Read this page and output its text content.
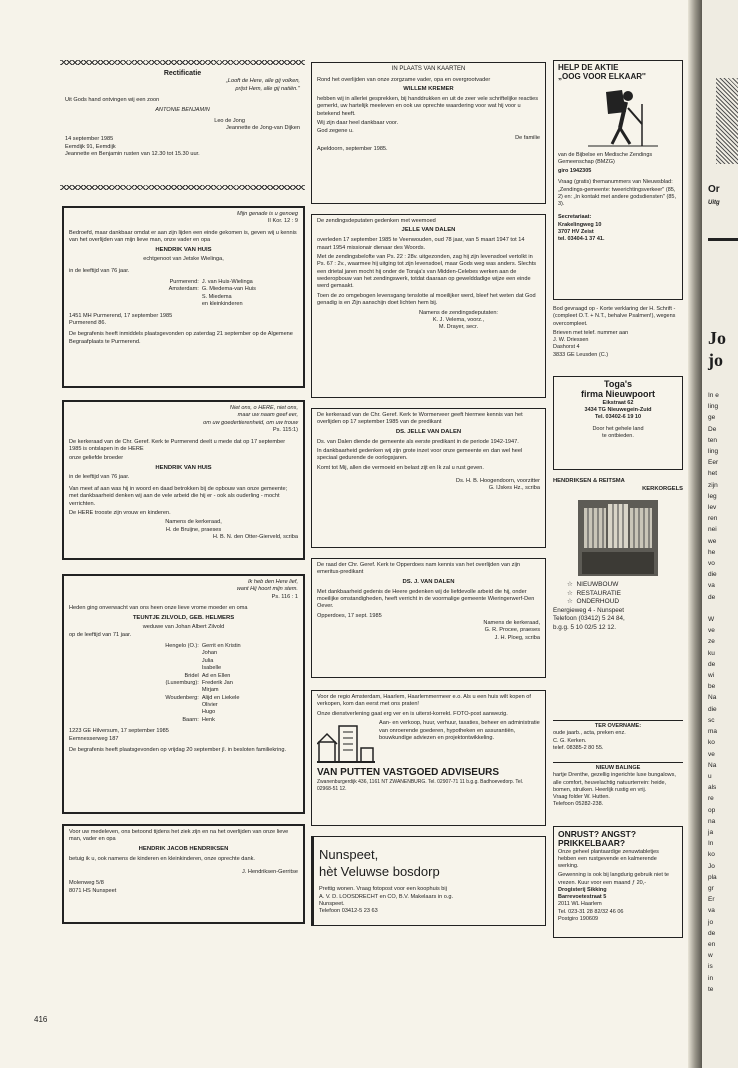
Rectificatie
„Looft de Here, alle gij volken,
prijst Hem, alle gij natiën.''
Uit Gods hand ontvingen wij een zoon
ANTONIE BENJAMIN
Leo de Jong
Jeannette de Jong-van Dijken
14 september 1985
Eemdijk 91, Eemdijk
Jeannette en Benjamin rusten van 12.30 tot 15.30 uur.
Mijn genade is u genoeg
II Kor. 12 : 9

Bedroefd, maar dankbaar omdat er aan zijn lijden een einde gekomen is, geven wij u kennis van het overlijden van mijn lieve man, onze vader en opa

HENDRIK VAN HUIS
echtgenoot van Jetske Wielinga,
in de leeftijd van 76 jaar.
Purmerend: J. van Huis-Wielinga
Amsterdam: G. Miedema-van Huis
S. Miedema
en kleinkinderen
1451 MH Purmerend, 17 september 1985
Purmerend 86.
De begrafenis heeft inmiddels plaatsgevonden op zaterdag 21 september op de Algemene Begraafplaats te Purmerend.
Niet ons, o HERE, niet ons,
maar uw naam geef eer,
om uw goedertierenheid, om uw trouw
Ps. 115:1)

De kerkeraad van de Chr. Geref. Kerk te Purmerend deelt u mede dat op 17 september 1985 is ontslapen in de HERE

onze geliefde broeder
HENDRIK VAN HUIS
in de leeftijd van 76 jaar.

Van meet af aan was hij in woord en daad betrokken bij de opbouw van onze gemeente; met dankbaarheid denken wij aan de vele arbeid die hij er - ook als ouderling - mocht verrichten.

De HERE trooste zijn vrouw en kinderen.

Namens de kerkeraad,
H. de Bruijne, praeses
H. B. N. den Otter-Gierveld, scriba
Ik heb den Here lief,
want Hij hoort mijn stem.
Ps. 116 : 1

Heden ging onverwacht van ons heen onze lieve vrome moeder en oma

TEUNTJE ZILVOLD, GEB. HELMERS
weduwe van Johan Albert Zilvold
op de leeftijd van 71 jaar.
Hengelo (O.): Gerrit en Kristin
Johan
Julia
Isabelle
Bridel Ad en Ellen
(Luxemburg): Frederik Jan
Mirjam
Woudenberg: Alijd en Liekele
Olivier
Hugo
Baarn: Henk
1223 GE Hilversum, 17 september 1985
Eemnesserweg 187
De begrafenis heeft plaatsgevonden op vrijdag 20 september jl. in besloten familiekring.

Voor uw medeleven, ons betoond tijdens het ziek zijn en na het overlijden van onze lieve man, vader en opa

HENDRIK JACOB HENDRIKSEN

betuig ik u, ook namens de kinderen en kleinkinderen, onze oprechte dank.

J. Hendriksen-Gerritse
Molenweg 5/8
8071 HS Nunspeet
416
IN PLAATS VAN KAARTEN

Rond het overlijden van onze zorgzame vader, opa en overgrootvader

WILLEM KREMER

hebben wij in allerlei gesprekken, bij handdrukken en uit de zeer vele schriftelijke reacties gemerkt, uw hartelijk meeleven en ook uw oprechte waardering voor wat hij voor u betekend heeft.

Wij zijn daar heel dankbaar voor.
God zegene u.
De familie
Apeldoorn, september 1985.
De zendingsdeputaten gedenken met weemoed
JELLE VAN DALEN

overleden 17 september 1985 te Veenwouden, oud 78 jaar, van 5 maart 1947 tot 14 maart 1954 missionair dienaar des Woords.

Met de zendingsbelofte van Ps. 22 : 28v. uitgezonden, zag hij zijn levensdoel vertolkt in Ps. 67 : 2v., waarmee hij uitging tot zijn levensdoel, maar Gods weg was anders. Slechts een drietal jaren mocht hij onder de Toraja's van Midden-Celebes werken aan de wederopbouw van het zendingswerk, totdat daaraan op gewelddadige wijze een einde werd gemaakt.

Toen de zo omgebogen levensgang tenslotte al moeilijker werd, bleef het weten dat God genadig is en Zijn aanschijn doet lichten hem bij.

Namens de zendingsdeputaten:
K. J. Velema, voorz.,
M. Drayer, secr.

De kerkeraad van de Chr. Geref. Kerk te Wormerveer geeft hiermee kennis van het overlijden op 17 september 1985 van de predikant

DS. JELLE VAN DALEN

Ds. van Dalen diende de gemeente als eerste predikant in de periode 1942-1947.

In dankbaarheid gedenken wij zijn grote inzet voor onze gemeente en dan wel heel speciaal gedurende de oorlogsjaren.

Komt tot Mij, allen die vermoeid en belast zijt en Ik zal u rust geven.

Ds. H. B. Hoogendoorn, voorzitter
G. IJskes Hz., scriba

De raad der Chr. Geref. Kerk te Opperdoes nam kennis van het overlijden van zijn emeritus-predikant

DS. J. VAN DALEN

Met dankbaarheid gedenis de Heere gedenken wij de liefdevolle arbeid die hij, onder moeilijke omstandigheden, heeft verricht in de voormalige gemeente Wieringerwerf-Den Oever.

Opperdoes, 17 sept. 1985
Namens de kerkeraad,
G. R. Procee, praeses
J. H. Ploeg, scriba

Voor de regio Amsterdam, Haarlem, Haarlemmermeer e.o. Als u een huis wilt kopen of verkopen, kom dan eerst met ons praten!

Onze dienstverlening gaat erg ver en is uiterst-korrekt. FOTO-post aanwezig.

Aan- en verkoop, huur, verhuur, taxaties, beheer en administratie van onroerende goederen, hypotheken en assurantiën, bouwkundige adviezen en projektontwikkeling.

VAN PUTTEN VASTGOED ADVISEURS
Zwanenburgerdijk 436, 1161 NT ZWANENBURG. Tel. 02907-71 11 b.g.g. Badhoevedorp. Tel. 02968-51 12.
Nunspeet,
hèt Veluwse bosdorp
Prettig wonen. Vraag fotopost voor een koophuis bij
A. V. D. LOOSDRECHT en CO, B.V. Makelaars in o.g.
Nunspeet.
Telefoon 03412-5 23 63
HELP DE AKTIE
„OOG VOOR ELKAAR''

van de Bijbelse en Medische Zendings Gemeenschap (BMZG)

giro 1942305

Vraag (gratis) themanummers van Nieuwsblad: „Zendings-gemeente: tweerichtingsverkeer'' (85, 2) en: „In kontakt met andere godsdiensten'' (85, 3).

Secretariaat:
Krakelingweg 10
3707 HV Zeist
tel. 03404-1 37 41.

Bod gevraagd op - Korte verklaring der H. Schrift - (compleet O.T. + N.T., behalve Psalmen!), wegens overcompleet.

Brieven met telef. nummer aan
J. W. Driessen
Dashorst 4
3833 GE Leusden (C.)
Toga's
firma Nieuwpoort
Eikstraat 62
3434 TG Nieuwegein-Zuid
Tel. 03402-6 19 10
Door het gehele land
te ontbieden.
HENDRIKSEN & REITSMA
KERKORGELS
☆  NIEUWBOUW
☆  RESTAURATIE
☆  ONDERHOUD
Energieweg 4 - Nunspeet
Telefoon (03412) 5 24 84,
b.g.g. 5 10 02/5 12 12.
TER OVERNAME:
oude jaarb., acta, preken enz.
C. G. Kerken.
telef. 08385-2 80 55.
NIEUW BALINGE

hartje Drenthe, gezellig ingerichte luxe bungalows, alle comfort, heuvelachtig natuurterrein: heide, bomen, struiken. Heerlijk rustig en vrij.

Vraag folder W. Hutten.
Telefoon 05282-238.
ONRUST? ANGST?
PRIKKELBAAR?

Onze geheel plantaardige zenuwtabletjes hebben een rustgevende en kalmerende werking.

Gewenning is ook bij langdurig gebruik niet te vrezen. Kuur voor een maand ƒ 20,-

Drogisterij Sikking
Barrevoetestraat 5
2011 WL Haarlem
Tel. 023-31 28 82/32 46 06
Postgiro 190609
Or
Uitg
Jo
jo
In e
ling
ge
De
ten
ling
Eer
het
zijn
leg
lev
ren
nei
we
he
vo
die
va
de

W
ve
ze
ku
de
wi
be
Na
die
sc
ma
ko
ve
Na
u
als
re
op
na
ja
In
ko
Jo
pla
gr
Er
va
jo
de
en
w
is
in
te
